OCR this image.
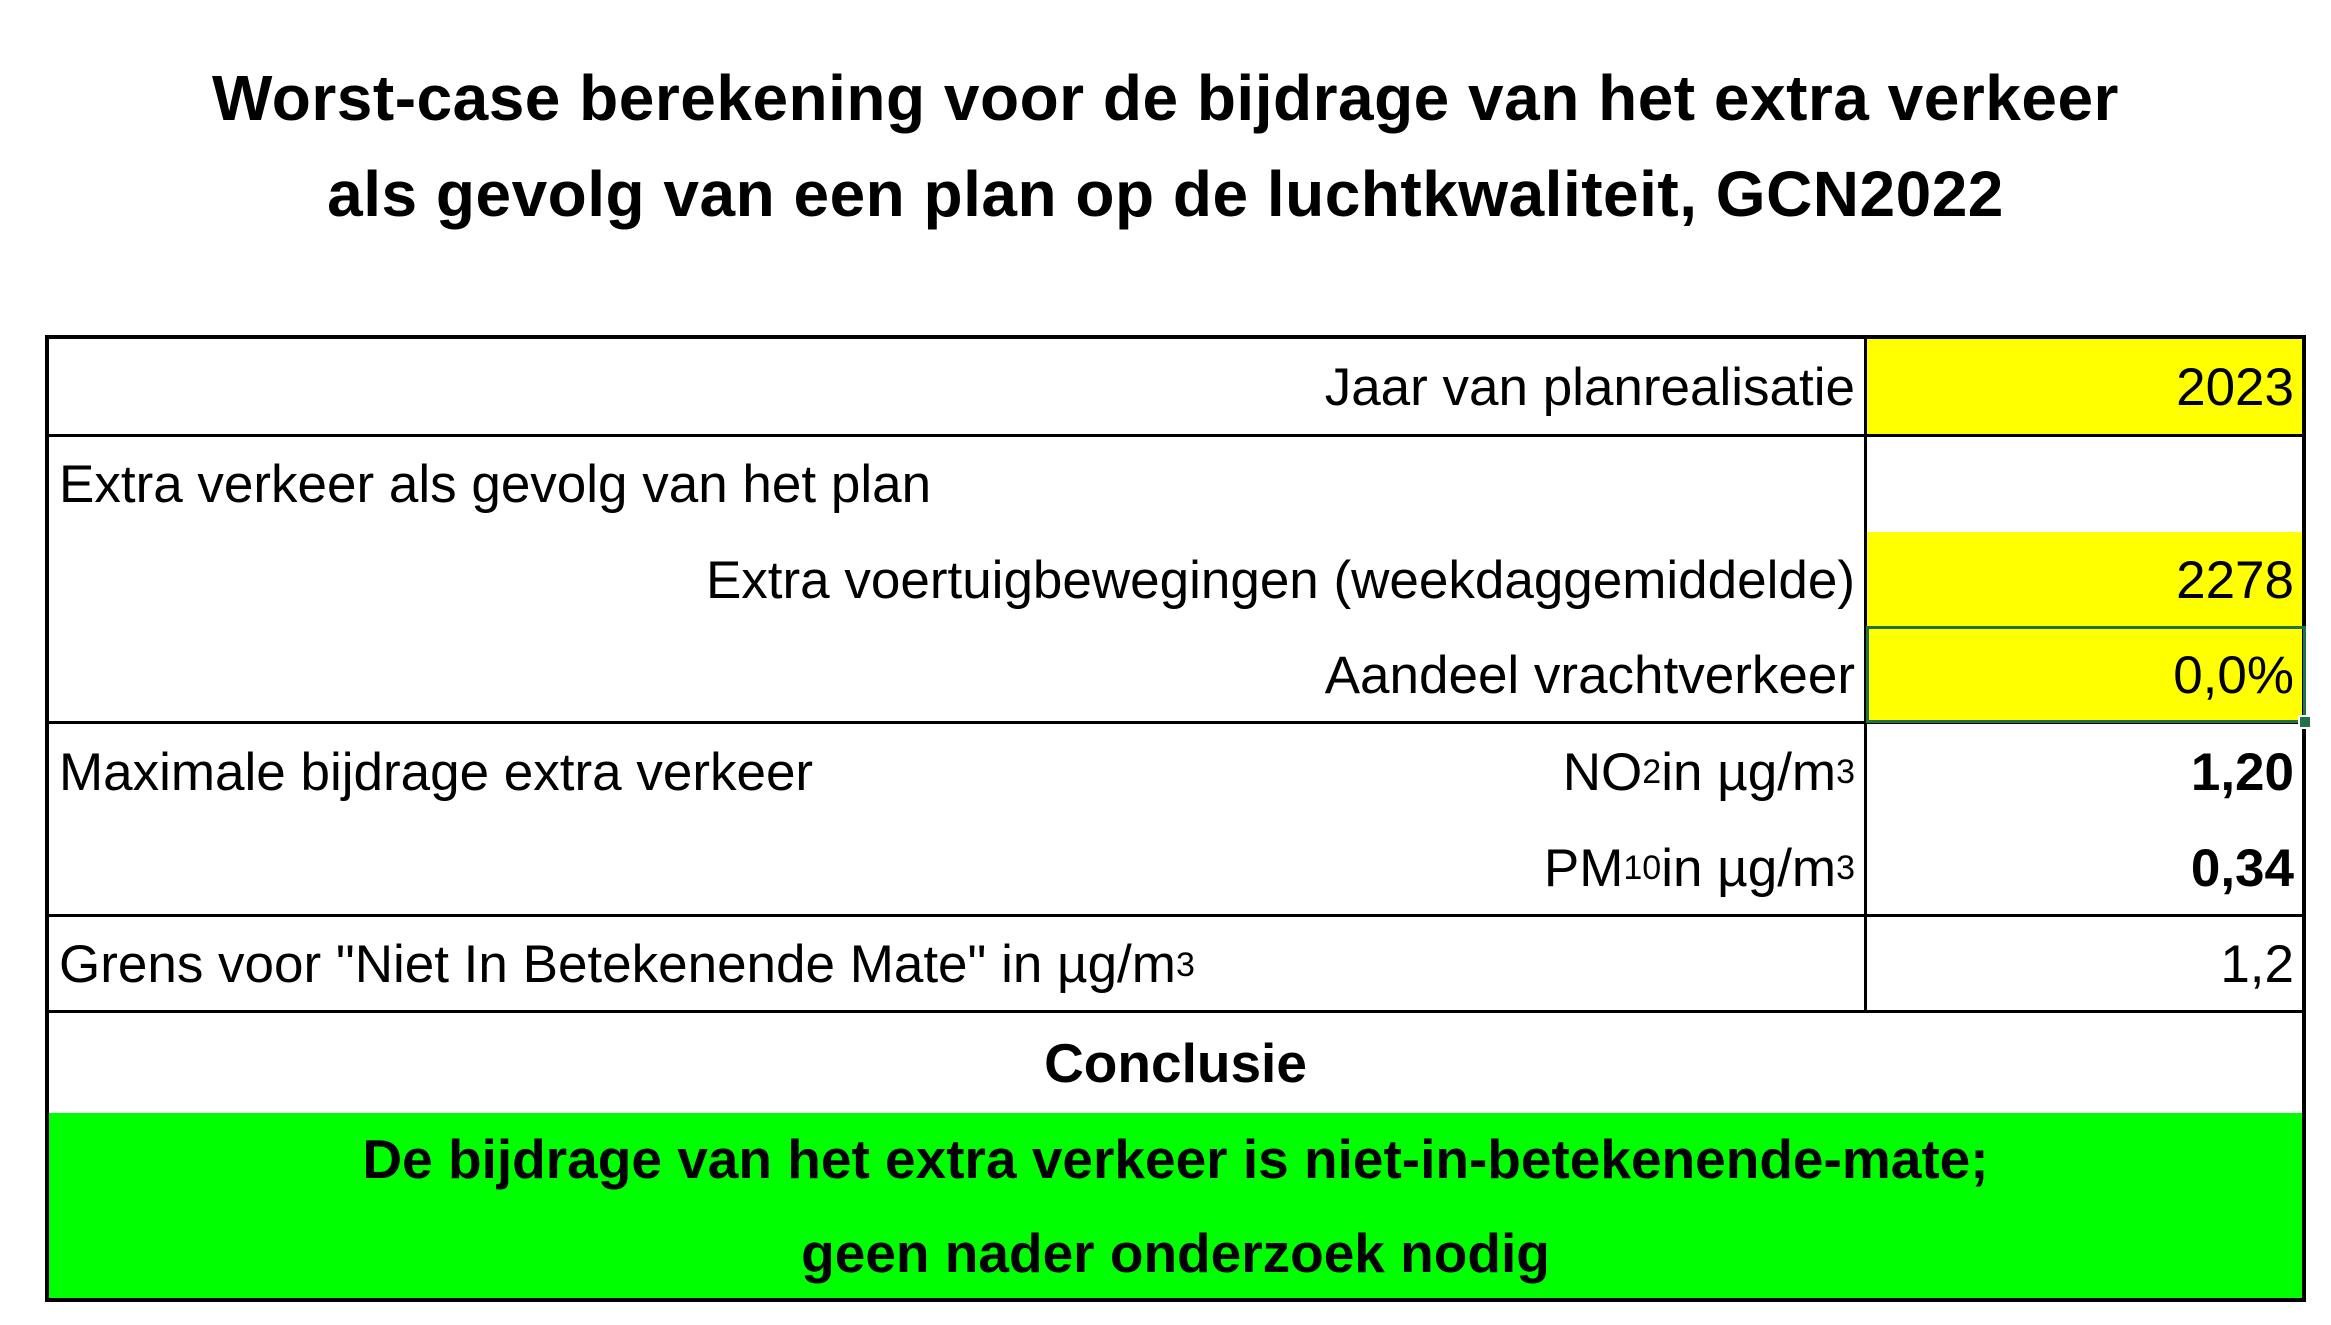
Worst-case berekening voor de bijdrage van het extra verkeer
als gevolg van een plan op de luchtkwaliteit, GCN2022
Jaar van planrealisatie	2023
Extra verkeer als gevolg van het plan
Extra voertuigbewegingen (weekdaggemiddelde)	2278
Aandeel vrachtverkeer	0,0%
Maximale bijdrage extra verkeer	NO 2 in µg/m 3	1,20
PM 10 in µg/m 3	0,34
Grens voor "Niet In Betekenende Mate" in µg/m 3	1,2
Conclusie
De bijdrage van het extra verkeer is niet-in-betekenende-mate;
geen nader onderzoek nodig
